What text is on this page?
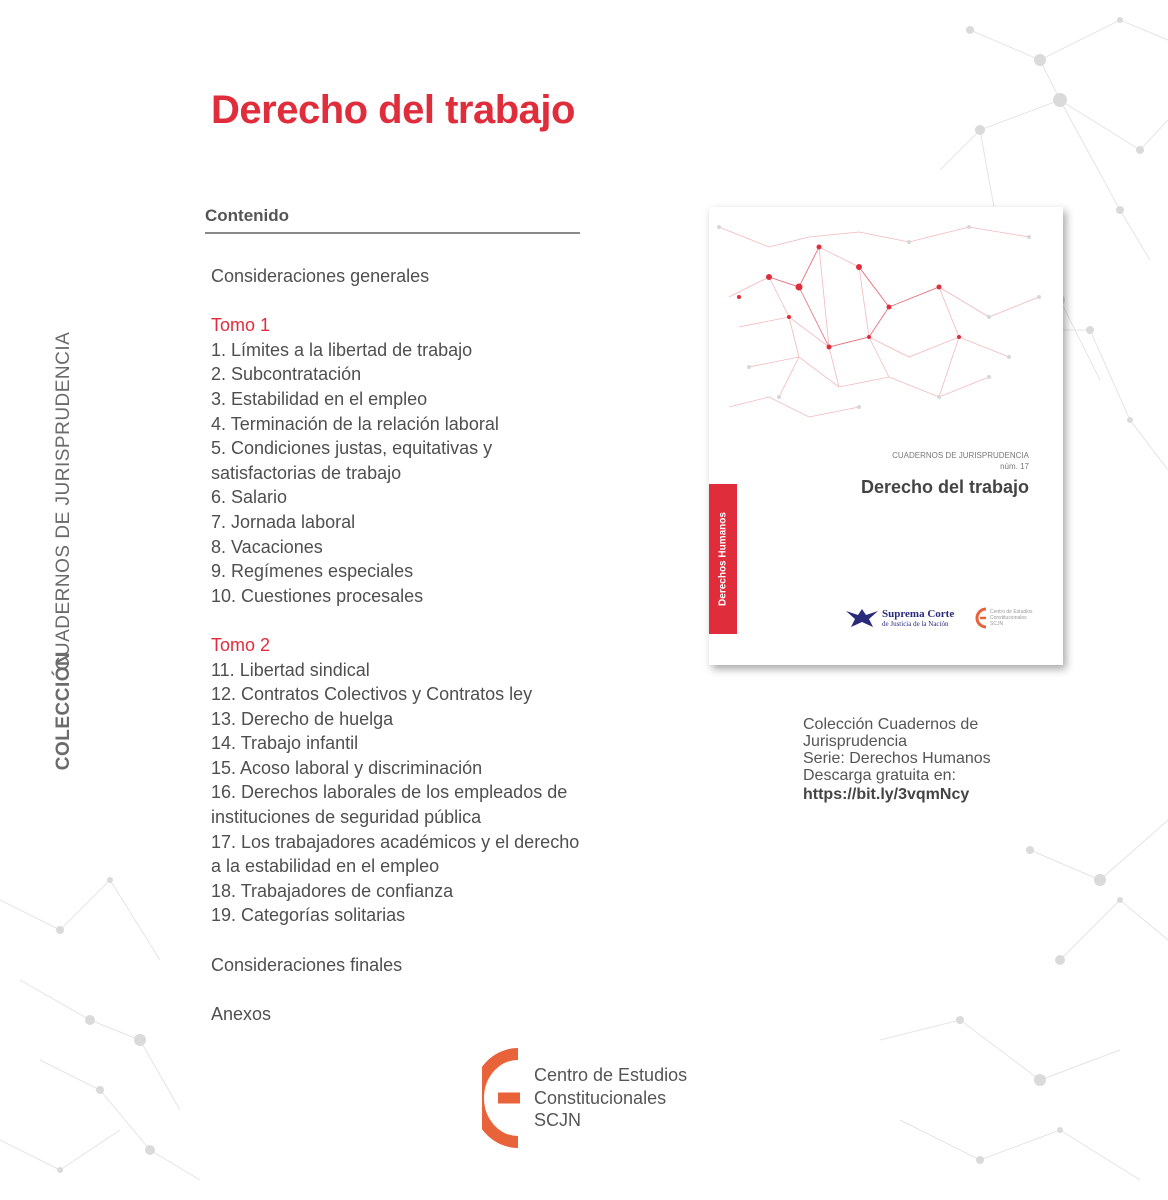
CUADERNOS DE JURISPRUDENCIA
COLECCIÓN
Derecho del trabajo
Contenido
Consideraciones generales
Tomo 1
1. Límites a la libertad de trabajo
2. Subcontratación
3. Estabilidad en el empleo
4. Terminación de la relación laboral
5. Condiciones justas, equitativas y
satisfactorias de trabajo
6. Salario
7. Jornada laboral
8. Vacaciones
9. Regímenes especiales
10. Cuestiones procesales
Tomo 2
11. Libertad sindical
12. Contratos Colectivos y Contratos ley
13. Derecho de huelga
14. Trabajo infantil
15. Acoso laboral y discriminación
16. Derechos laborales de los empleados de
instituciones de seguridad pública
17. Los trabajadores académicos y el derecho
a la estabilidad en el empleo
18. Trabajadores de confianza
19. Categorías solitarias
Consideraciones finales
Anexos
CUADERNOS DE JURISPRUDENCIA
núm. 17
Derecho del trabajo
Derechos Humanos
Suprema Corte
de Justicia de la Nación
Centro de Estudios
Constitucionales
SCJN
Colección Cuadernos de
Jurisprudencia
Serie: Derechos Humanos
Descarga gratuita en:
https://bit.ly/3vqmNcy
Centro de Estudios
Constitucionales
SCJN
